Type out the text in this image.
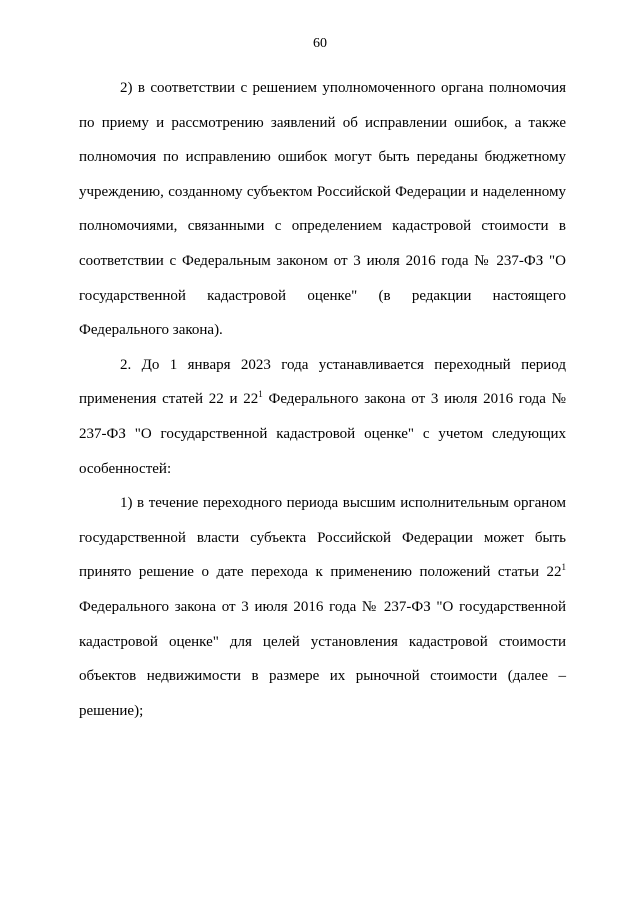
60

2) в соответствии с решением уполномоченного органа полномочия по приему и рассмотрению заявлений об исправлении ошибок, а также полномочия по исправлению ошибок могут быть переданы бюджетному учреждению, созданному субъектом Российской Федерации и наделенному полномочиями, связанными с определением кадастровой стоимости в соответствии с Федеральным законом от 3 июля 2016 года № 237-ФЗ "О государственной кадастровой оценке" (в редакции настоящего Федерального закона).

2. До 1 января 2023 года устанавливается переходный период применения статей 22 и $22^1$ Федерального закона от 3 июля 2016 года № 237-ФЗ "О государственной кадастровой оценке" с учетом следующих особенностей:

1) в течение переходного периода высшим исполнительным органом государственной власти субъекта Российской Федерации может быть принято решение о дате перехода к применению положений статьи $22^1$ Федерального закона от 3 июля 2016 года № 237-ФЗ "О государственной кадастровой оценке" для целей установления кадастровой стоимости объектов недвижимости в размере их рыночной стоимости (далее – решение);
